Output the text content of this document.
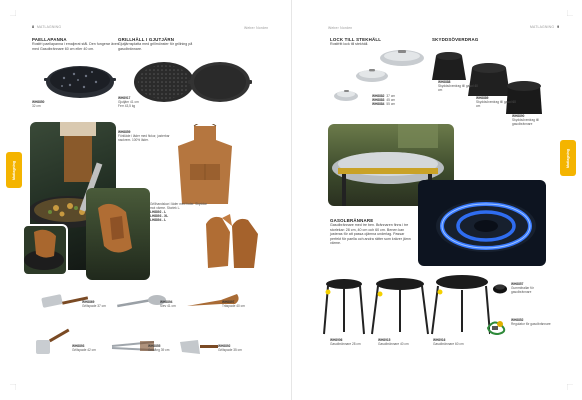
8 MATLAGNING	Weber Norden
PAELLAPANNA
Rostfri paellapanna i emaljerat stål. Den fungerar även med Gasolbrännare 60 cm eller 40 cm.
WH8850
32 cm
GRILLHÄLL I GJUTJÄRN
Gjutjärnsplatta med grillmönster för grillning på gasolbrännare.
WH8917
Gjutjärn 41 cm
Ferr 43,5 kg
WH8859
Förkläde i läder med fickor, justerbar nackrem. 100% läder.
Grillhandskar i läder med foder. Skyddar mot värme. Storlek L.
LH8892 - L
LH8893 - XL
LH8894 - L
WH8869
Grillspade 37 cm
WH8894
Slev 41 cm
WH8897
Träspade 40 cm
WH8893
Grillspade 42 cm
WH8855
Grilltång 39 cm
WH8892
Grillspade 35 cm
Matlagning
Weber Norden	MATLAGNING 9
LOCK TILL STEKHÄLL
Rostfritt lock till stekhäll.
WH8882 37 cm
WH8883 45 cm
WH8884 55 cm
SKYDDSÖVERDRAG
WH8888
Skyddsöverdrag till gasol 40 cm
WH8889
Skyddsöverdrag till gasol 60 cm
WH8890
Skyddsöverdrag till gasolbrännare
GASOLBRÄNNARE
Gasolbrännare med tre ben. Brännaren finns i tre storlekar: 28 cm, 40 cm och 60 cm. Benen kan justeras för att passa ojämna underlag. Passar perfekt för paella och andra rätter som kräver jämn värme.
WH8906
Gasolbrännare 28 cm
WH8915
Gasolbrännare 40 cm
WH8916
Gasolbrännare 60 cm
WH8857
Gummitrallar för gasolbrännare
WH8852
Regulator för gasolbrännare
Matlagning
